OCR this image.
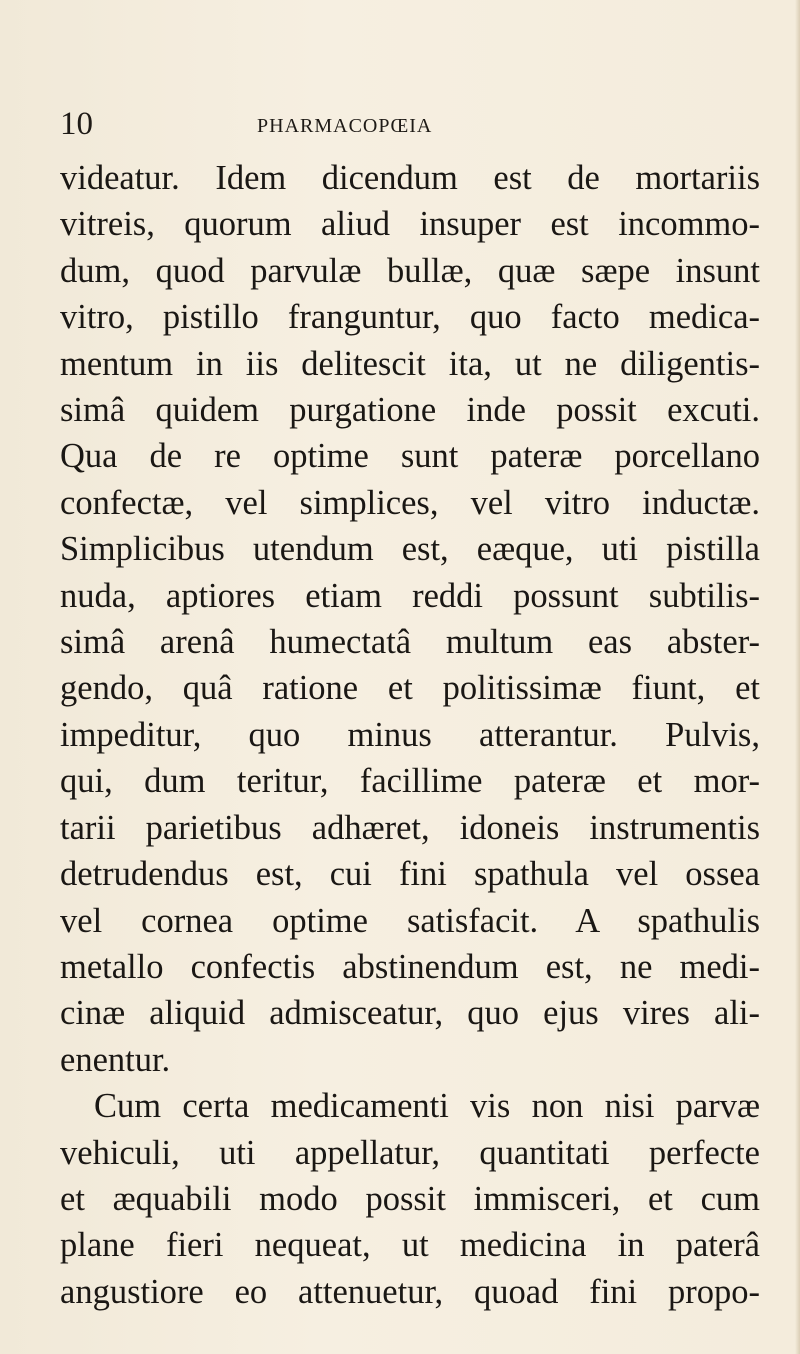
10	PHARMACOPŒIA
videatur. Idem dicendum est de mortariis
vitreis, quorum aliud insuper est incommo-
dum, quod parvulæ bullæ, quæ sæpe insunt
vitro, pistillo franguntur, quo facto medica-
mentum in iis delitescit ita, ut ne diligentis-
simâ quidem purgatione inde possit excuti.
Qua de re optime sunt pateræ porcellano
confectæ, vel simplices, vel vitro inductæ.
Simplicibus utendum est, eæque, uti pistilla
nuda, aptiores etiam reddi possunt subtilis-
simâ arenâ humectatâ multum eas abster-
gendo, quâ ratione et politissimæ fiunt, et
impeditur, quo minus atterantur. Pulvis,
qui, dum teritur, facillime pateræ et mor-
tarii parietibus adhæret, idoneis instrumentis
detrudendus est, cui fini spathula vel ossea
vel cornea optime satisfacit. A spathulis
metallo confectis abstinendum est, ne medi-
cinæ aliquid admisceatur, quo ejus vires ali-
enentur.
Cum certa medicamenti vis non nisi parvæ
vehiculi, uti appellatur, quantitati perfecte
et æquabili modo possit immisceri, et cum
plane fieri nequeat, ut medicina in paterâ
angustiore eo attenuetur, quoad fini propo-
